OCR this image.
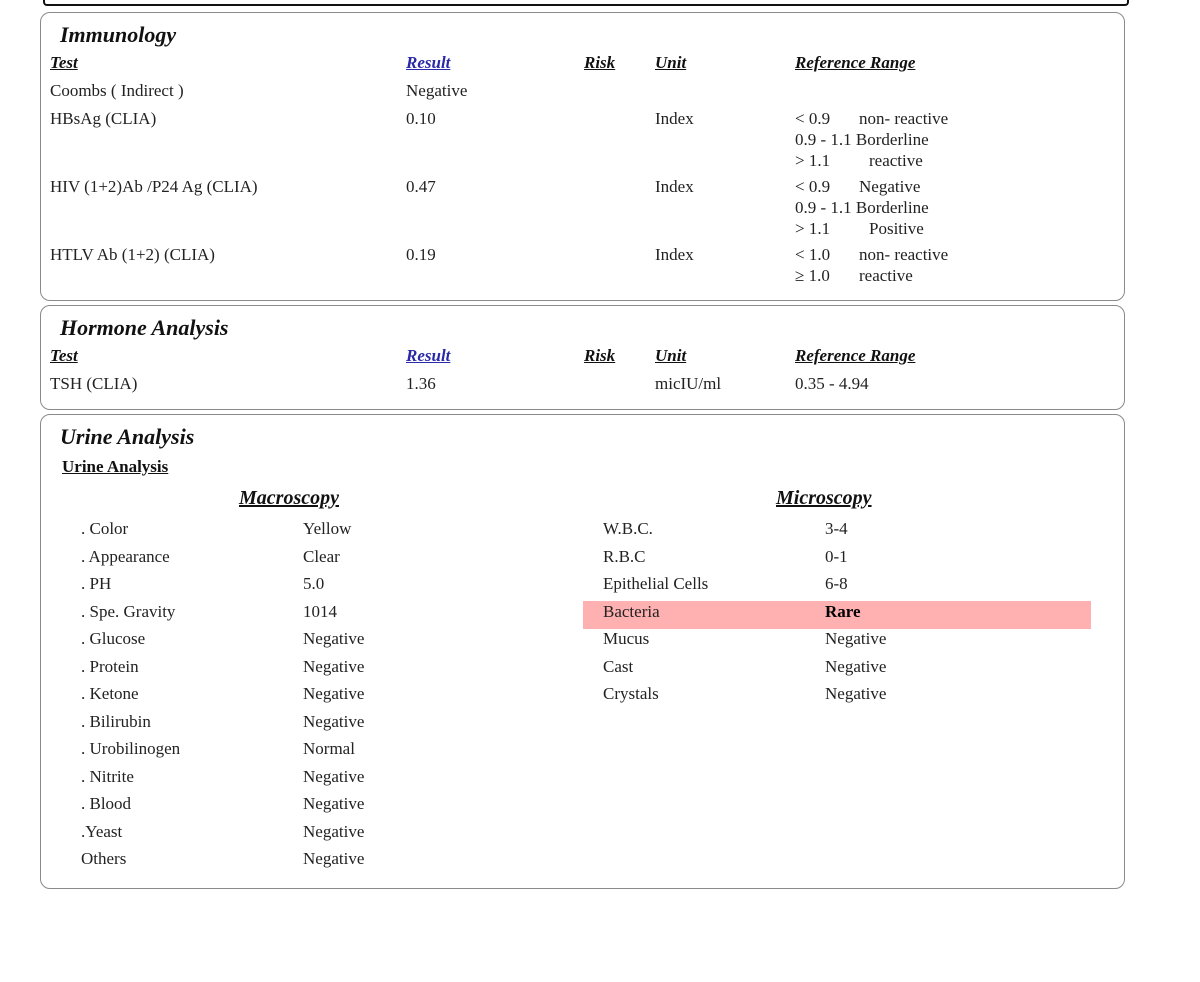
Immunology
Test	Result	Risk Unit	Reference Range
Coombs ( Indirect )	Negative
HBsAg (CLIA)	0.10	Index	< 0.9 non- reactive
0.9 - 1.1 Borderline
> 1.1 reactive
HIV (1+2)Ab /P24 Ag (CLIA)	0.47	Index	< 0.9 Negative
0.9 - 1.1 Borderline
> 1.1 Positive
HTLV Ab (1+2) (CLIA)	0.19	Index	< 1.0 non- reactive
≥ 1.0 reactive
Hormone Analysis
Test	Result	Risk Unit	Reference Range
TSH (CLIA)	1.36	micIU/ml	0.35 - 4.94
Urine Analysis
Urine Analysis
Macroscopy	Microscopy
. Color	Yellow
. Appearance	Clear
. PH	5.0
. Spe. Gravity	1014
. Glucose	Negative
. Protein	Negative
. Ketone	Negative
. Bilirubin	Negative
. Urobilinogen	Normal
. Nitrite	Negative
. Blood	Negative
.Yeast	Negative
Others	Negative
W.B.C.	3-4
R.B.C	0-1
Epithelial Cells	6-8
Bacteria	Rare
Mucus	Negative
Cast	Negative
Crystals	Negative
